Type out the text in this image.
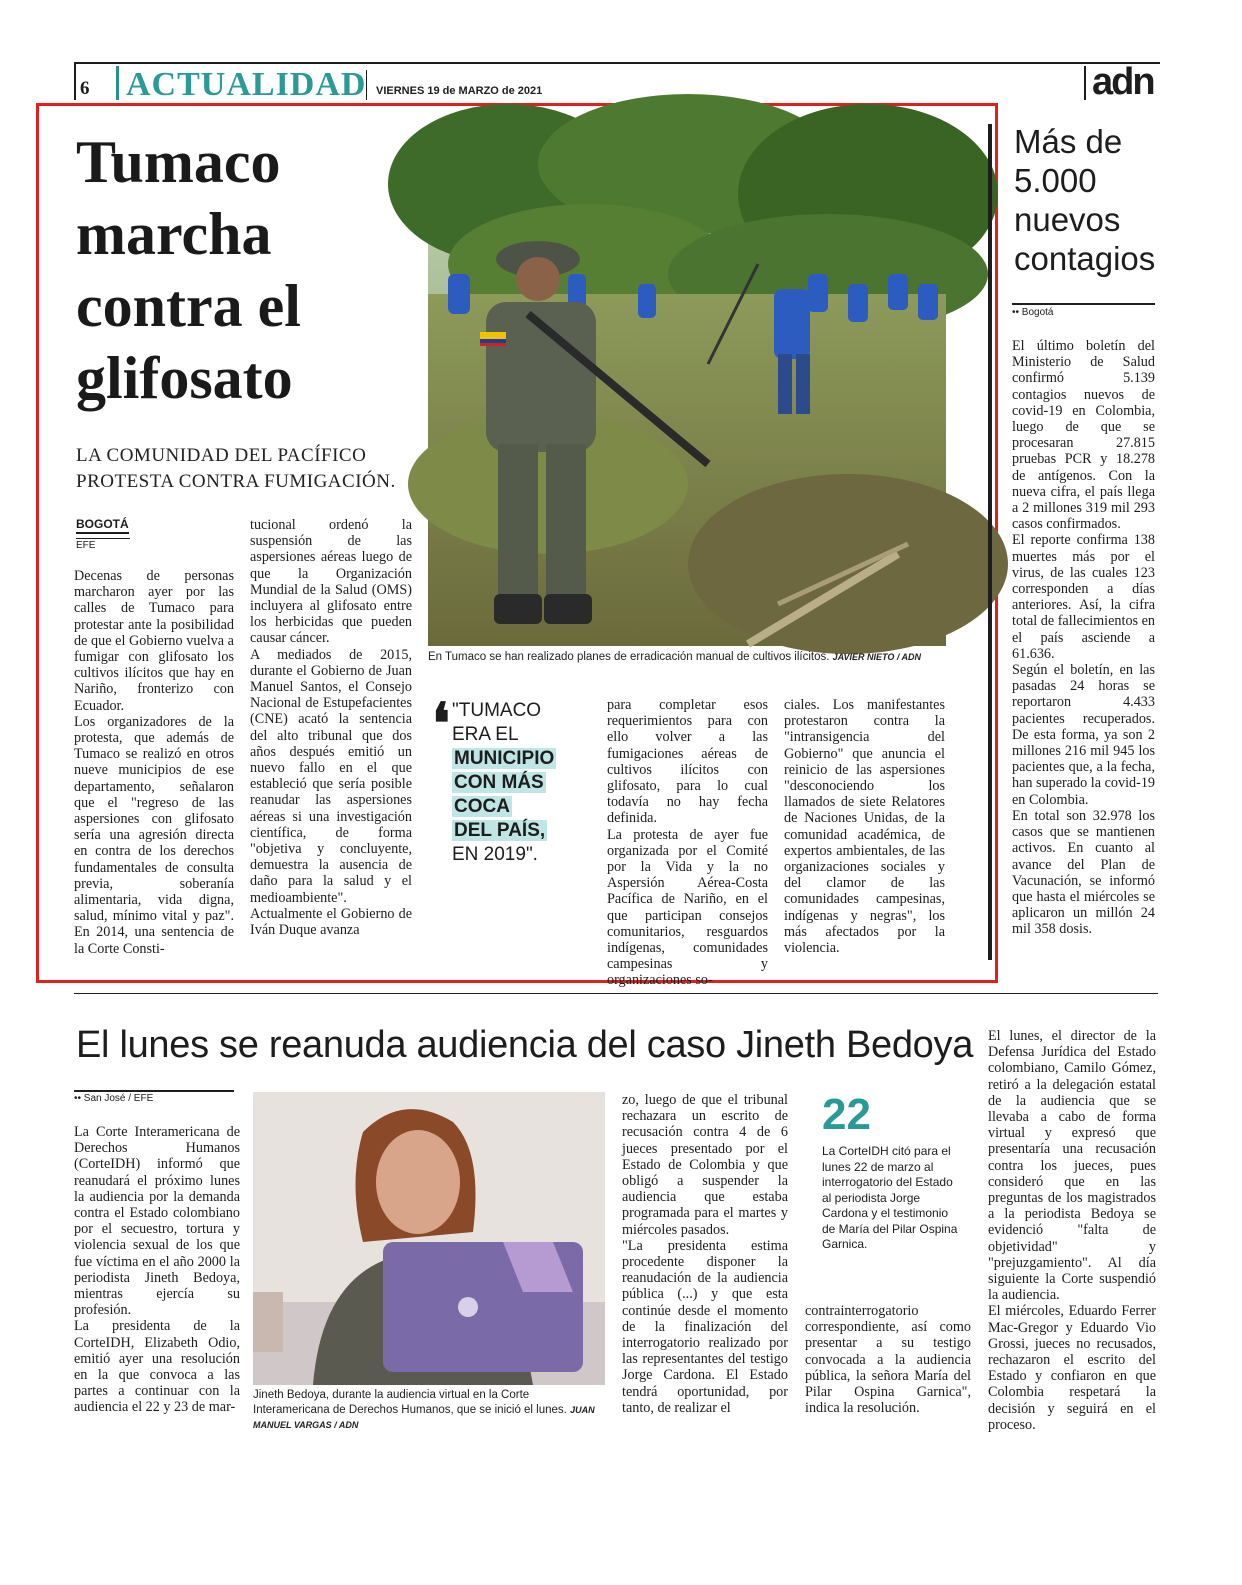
6 ACTUALIDAD VIERNES 19 de MARZO de 2021	adn
Tumaco
marcha
contra el
glifosato
LA COMUNIDAD DEL PACÍFICO
PROTESTA CONTRA FUMIGACIÓN.
BOGOTÁ
EFE
Decenas de personas marcharon ayer por las calles de Tumaco para protestar ante la posibilidad de que el Gobierno vuelva a fumigar con glifosato los cultivos ilícitos que hay en Nariño, fronterizo con Ecuador.
Los organizadores de la protesta, que además de Tumaco se realizó en otros nueve municipios de ese departamento, señalaron que el "regreso de las aspersiones con glifosato sería una agresión directa en contra de los derechos fundamentales de consulta previa, soberanía alimentaria, vida digna, salud, mínimo vital y paz". En 2014, una sentencia de la Corte Consti-
tucional ordenó la suspensión de las aspersiones aéreas luego de que la Organización Mundial de la Salud (OMS) incluyera al glifosato entre los herbicidas que pueden causar cáncer.
A mediados de 2015, durante el Gobierno de Juan Manuel Santos, el Consejo Nacional de Estupefacientes (CNE) acató la sentencia del alto tribunal que dos años después emitió un nuevo fallo en el que estableció que sería posible reanudar las aspersiones aéreas si una investigación científica, de forma "objetiva y concluyente, demuestra la ausencia de daño para la salud y el medioambiente".
Actualmente el Gobierno de Iván Duque avanza
En Tumaco se han realizado planes de erradicación manual de cultivos ilícitos. JAVIER NIETO / ADN
❛ "TUMACO
ERA EL
MUNICIPIO
CON MÁS
COCA
DEL PAÍS,
EN 2019".
para completar esos requerimientos para con ello volver a las fumigaciones aéreas de cultivos ilícitos con glifosato, para lo cual todavía no hay fecha definida.
La protesta de ayer fue organizada por el Comité por la Vida y la no Aspersión Aérea-Costa Pacífica de Nariño, en el que participan consejos comunitarios, resguardos indígenas, comunidades campesinas y organizaciones so-
ciales. Los manifestantes protestaron contra la "intransigencia del Gobierno" que anuncia el reinicio de las aspersiones "desconociendo los llamados de siete Relatores de Naciones Unidas, de la comunidad académica, de expertos ambientales, de las organizaciones sociales y del clamor de las comunidades campesinas, indígenas y negras", los más afectados por la violencia.
Más de
5.000
nuevos
contagios
•• Bogotá
El último boletín del Ministerio de Salud confirmó 5.139 contagios nuevos de covid-19 en Colombia, luego de que se procesaran 27.815 pruebas PCR y 18.278 de antígenos. Con la nueva cifra, el país llega a 2 millones 319 mil 293 casos confirmados.
El reporte confirma 138 muertes más por el virus, de las cuales 123 corresponden a días anteriores. Así, la cifra total de fallecimientos en el país asciende a 61.636.
Según el boletín, en las pasadas 24 horas se reportaron 4.433 pacientes recuperados. De esta forma, ya son 2 millones 216 mil 945 los pacientes que, a la fecha, han superado la covid-19 en Colombia.
En total son 32.978 los casos que se mantienen activos. En cuanto al avance del Plan de Vacunación, se informó que hasta el miércoles se aplicaron un millón 24 mil 358 dosis.
El lunes se reanuda audiencia del caso Jineth Bedoya
•• San José / EFE
La Corte Interamericana de Derechos Humanos (CorteIDH) informó que reanudará el próximo lunes la audiencia por la demanda contra el Estado colombiano por el secuestro, tortura y violencia sexual de los que fue víctima en el año 2000 la periodista Jineth Bedoya, mientras ejercía su profesión.
La presidenta de la CorteIDH, Elizabeth Odio, emitió ayer una resolución en la que convoca a las partes a continuar con la audiencia el 22 y 23 de mar-
Jineth Bedoya, durante la audiencia virtual en la Corte Interamericana de Derechos Humanos, que se inició el lunes. JUAN MANUEL VARGAS / ADN
zo, luego de que el tribunal rechazara un escrito de recusación contra 4 de 6 jueces presentado por el Estado de Colombia y que obligó a suspender la audiencia que estaba programada para el martes y miércoles pasados.
"La presidenta estima procedente disponer la reanudación de la audiencia pública (...) y que esta continúe desde el momento de la finalización del interrogatorio realizado por las representantes del testigo Jorge Cardona. El Estado tendrá oportunidad, por tanto, de realizar el
22
La CorteIDH citó para el lunes 22 de marzo al interrogatorio del Estado al periodista Jorge Cardona y el testimonio de María del Pilar Ospina Garnica.
contrainterrogatorio correspondiente, así como presentar a su testigo convocada a la audiencia pública, la señora María del Pilar Ospina Garnica", indica la resolución.
El lunes, el director de la Defensa Jurídica del Estado colombiano, Camilo Gómez, retiró a la delegación estatal de la audiencia que se llevaba a cabo de forma virtual y expresó que presentaría una recusación contra los jueces, pues consideró que en las preguntas de los magistrados a la periodista Bedoya se evidenció "falta de objetividad" y "prejuzgamiento". Al día siguiente la Corte suspendió la audiencia.
El miércoles, Eduardo Ferrer Mac-Gregor y Eduardo Vio Grossi, jueces no recusados, rechazaron el escrito del Estado y confiaron en que Colombia respetará la decisión y seguirá en el proceso.
